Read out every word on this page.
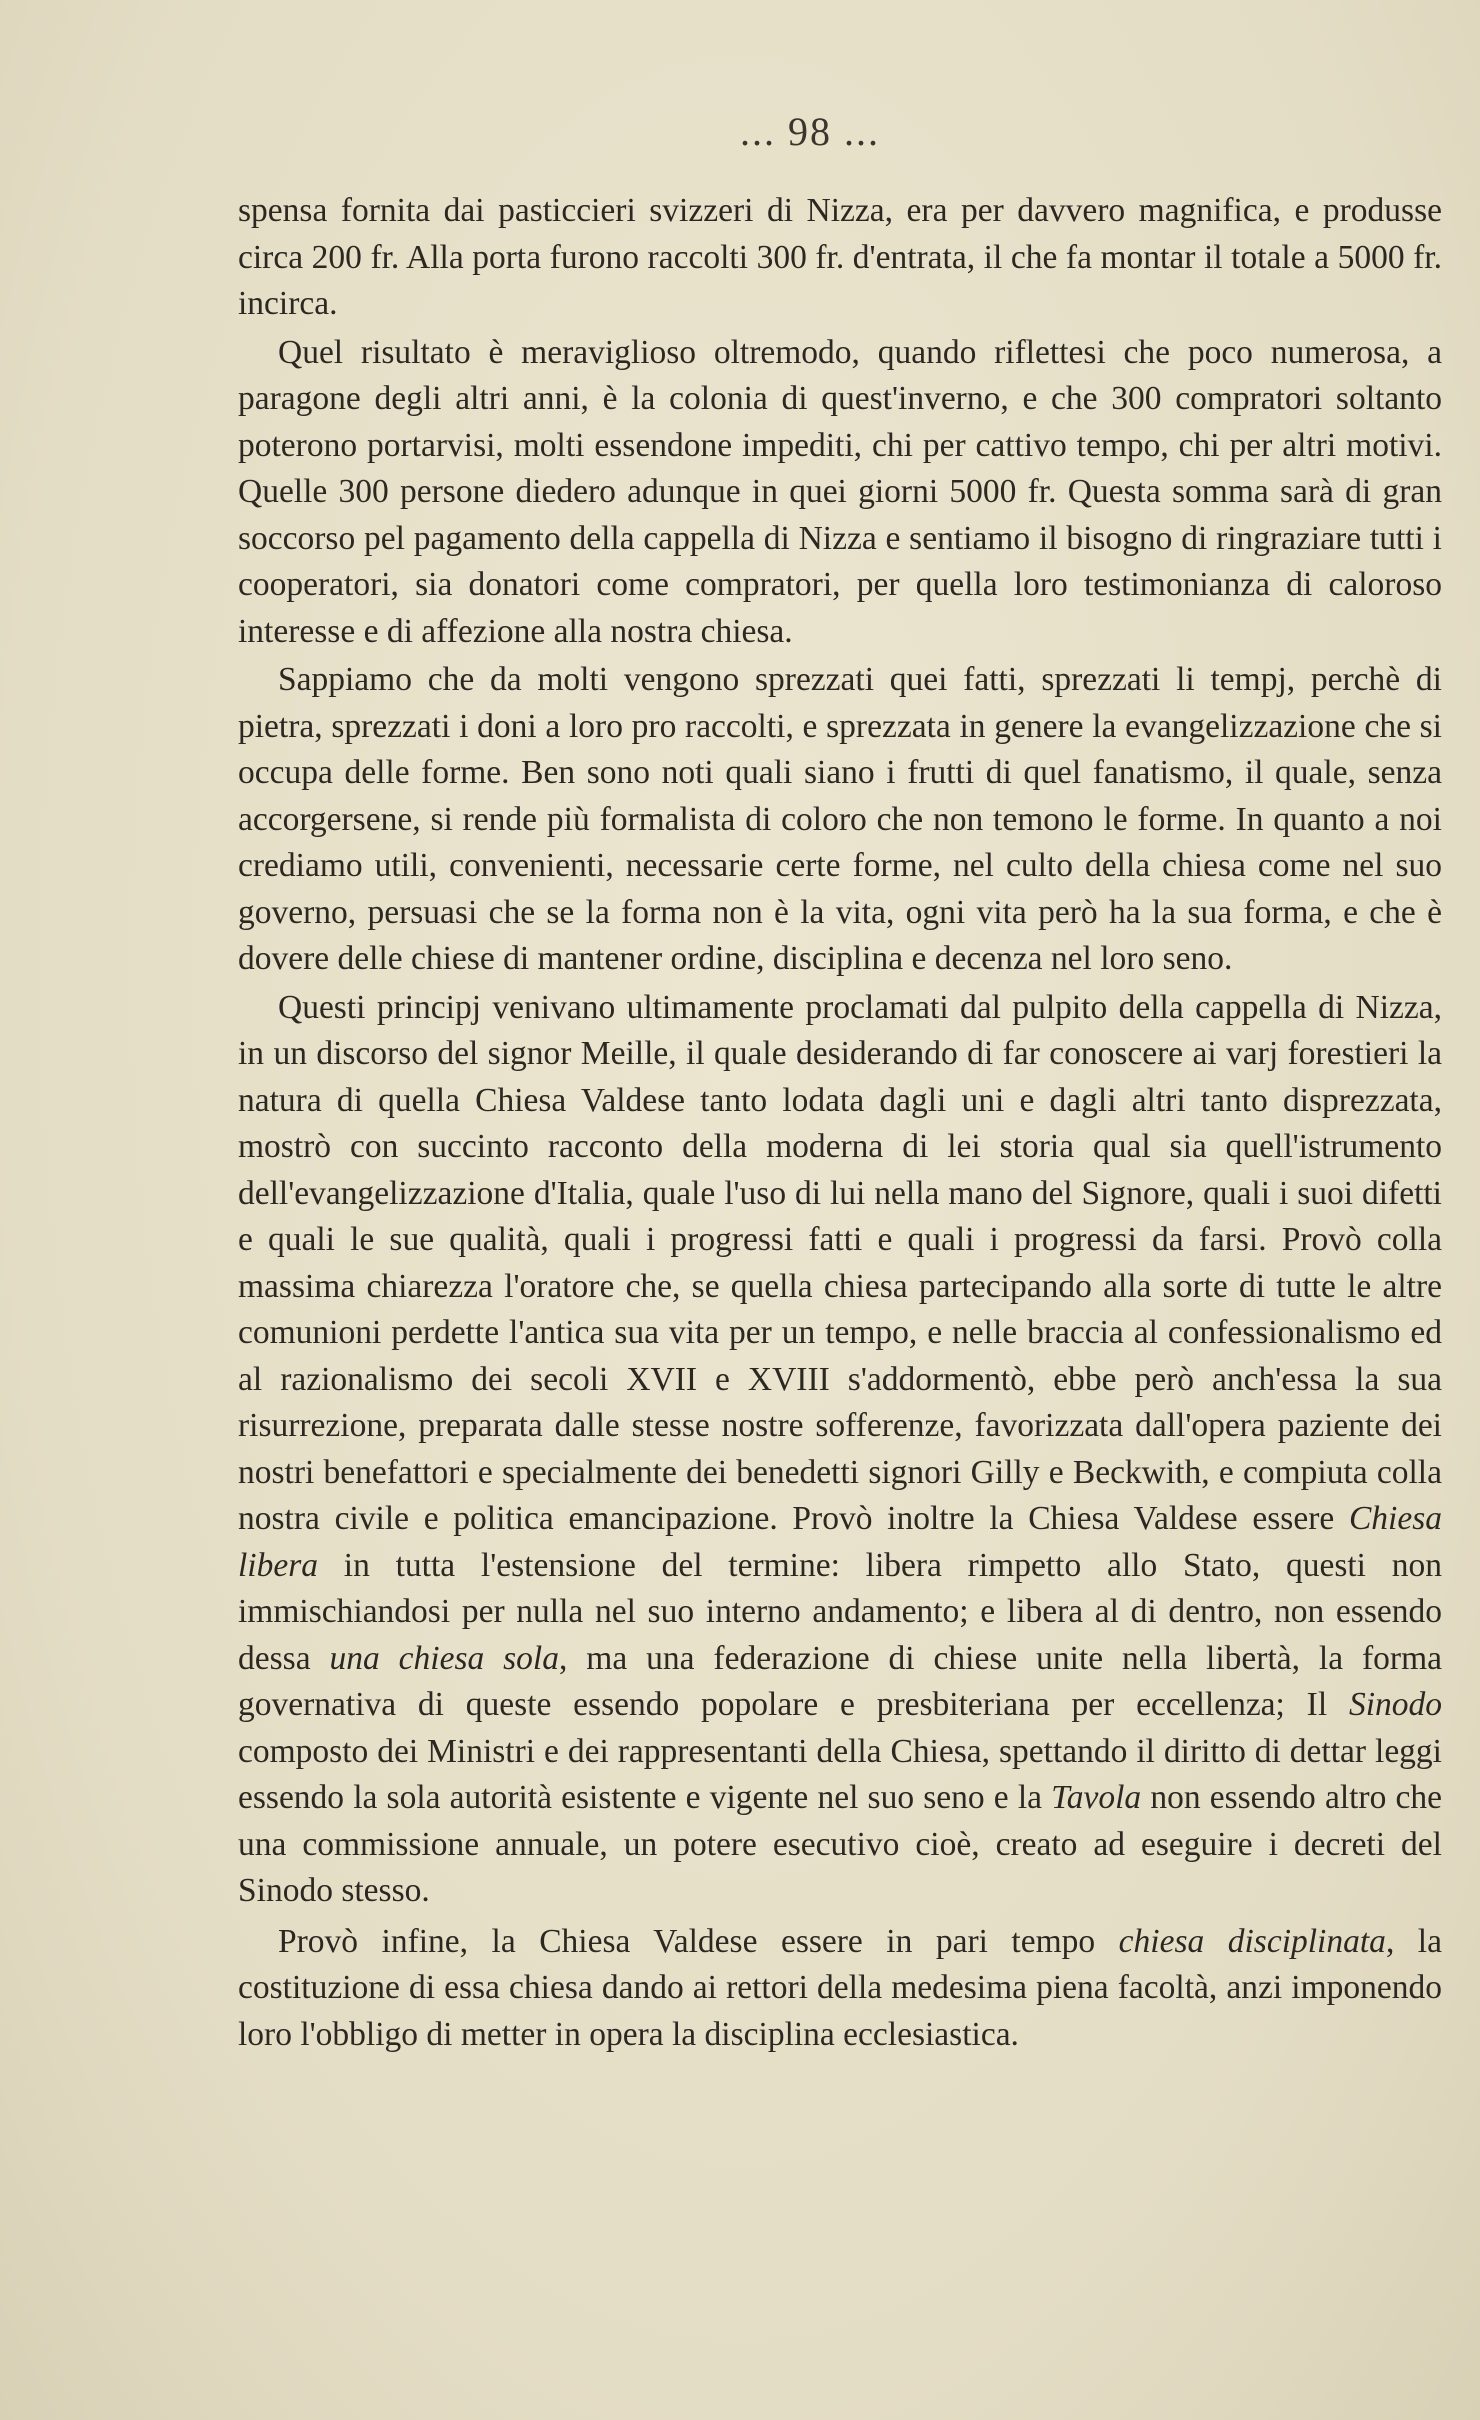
... 98 ...

spensa fornita dai pasticcieri svizzeri di Nizza, era per davvero magnifica, e produsse circa 200 fr. Alla porta furono raccolti 300 fr. d'entrata, il che fa montar il totale a 5000 fr. incirca.

Quel risultato è meraviglioso oltremodo, quando riflettesi che poco numerosa, a paragone degli altri anni, è la colonia di quest'inverno, e che 300 compratori soltanto poterono portarvisi, molti essendone impediti, chi per cattivo tempo, chi per altri motivi. Quelle 300 persone diedero adunque in quei giorni 5000 fr. Questa somma sarà di gran soccorso pel pagamento della cappella di Nizza e sentiamo il bisogno di ringraziare tutti i cooperatori, sia donatori come compratori, per quella loro testimonianza di caloroso interesse e di affezione alla nostra chiesa.

Sappiamo che da molti vengono sprezzati quei fatti, sprezzati li tempj, perchè di pietra, sprezzati i doni a loro pro raccolti, e sprezzata in genere la evangelizzazione che si occupa delle forme. Ben sono noti quali siano i frutti di quel fanatismo, il quale, senza accorgersene, si rende più formalista di coloro che non temono le forme. In quanto a noi crediamo utili, convenienti, necessarie certe forme, nel culto della chiesa come nel suo governo, persuasi che se la forma non è la vita, ogni vita però ha la sua forma, e che è dovere delle chiese di mantener ordine, disciplina e decenza nel loro seno.

Questi principj venivano ultimamente proclamati dal pulpito della cappella di Nizza, in un discorso del signor Meille, il quale desiderando di far conoscere ai varj forestieri la natura di quella Chiesa Valdese tanto lodata dagli uni e dagli altri tanto disprezzata, mostrò con succinto racconto della moderna di lei storia qual sia quell'istrumento dell'evangelizzazione d'Italia, quale l'uso di lui nella mano del Signore, quali i suoi difetti e quali le sue qualità, quali i progressi fatti e quali i progressi da farsi. Provò colla massima chiarezza l'oratore che, se quella chiesa partecipando alla sorte di tutte le altre comunioni perdette l'antica sua vita per un tempo, e nelle braccia al confessionalismo ed al razionalismo dei secoli XVII e XVIII s'addormentò, ebbe però anch'essa la sua risurrezione, preparata dalle stesse nostre sofferenze, favorizzata dall'opera paziente dei nostri benefattori e specialmente dei benedetti signori Gilly e Beckwith, e compiuta colla nostra civile e politica emancipazione. Provò inoltre la Chiesa Valdese essere Chiesa libera in tutta l'estensione del termine: libera rimpetto allo Stato, questi non immischiandosi per nulla nel suo interno andamento; e libera al di dentro, non essendo dessa una chiesa sola, ma una federazione di chiese unite nella libertà, la forma governativa di queste essendo popolare e presbiteriana per eccellenza; Il Sinodo composto dei Ministri e dei rappresentanti della Chiesa, spettando il diritto di dettar leggi essendo la sola autorità esistente e vigente nel suo seno e la Tavola non essendo altro che una commissione annuale, un potere esecutivo cioè, creato ad eseguire i decreti del Sinodo stesso.

Provò infine, la Chiesa Valdese essere in pari tempo chiesa disciplinata, la costituzione di essa chiesa dando ai rettori della medesima piena facoltà, anzi imponendo loro l'obbligo di metter in opera la disciplina ecclesiastica.
